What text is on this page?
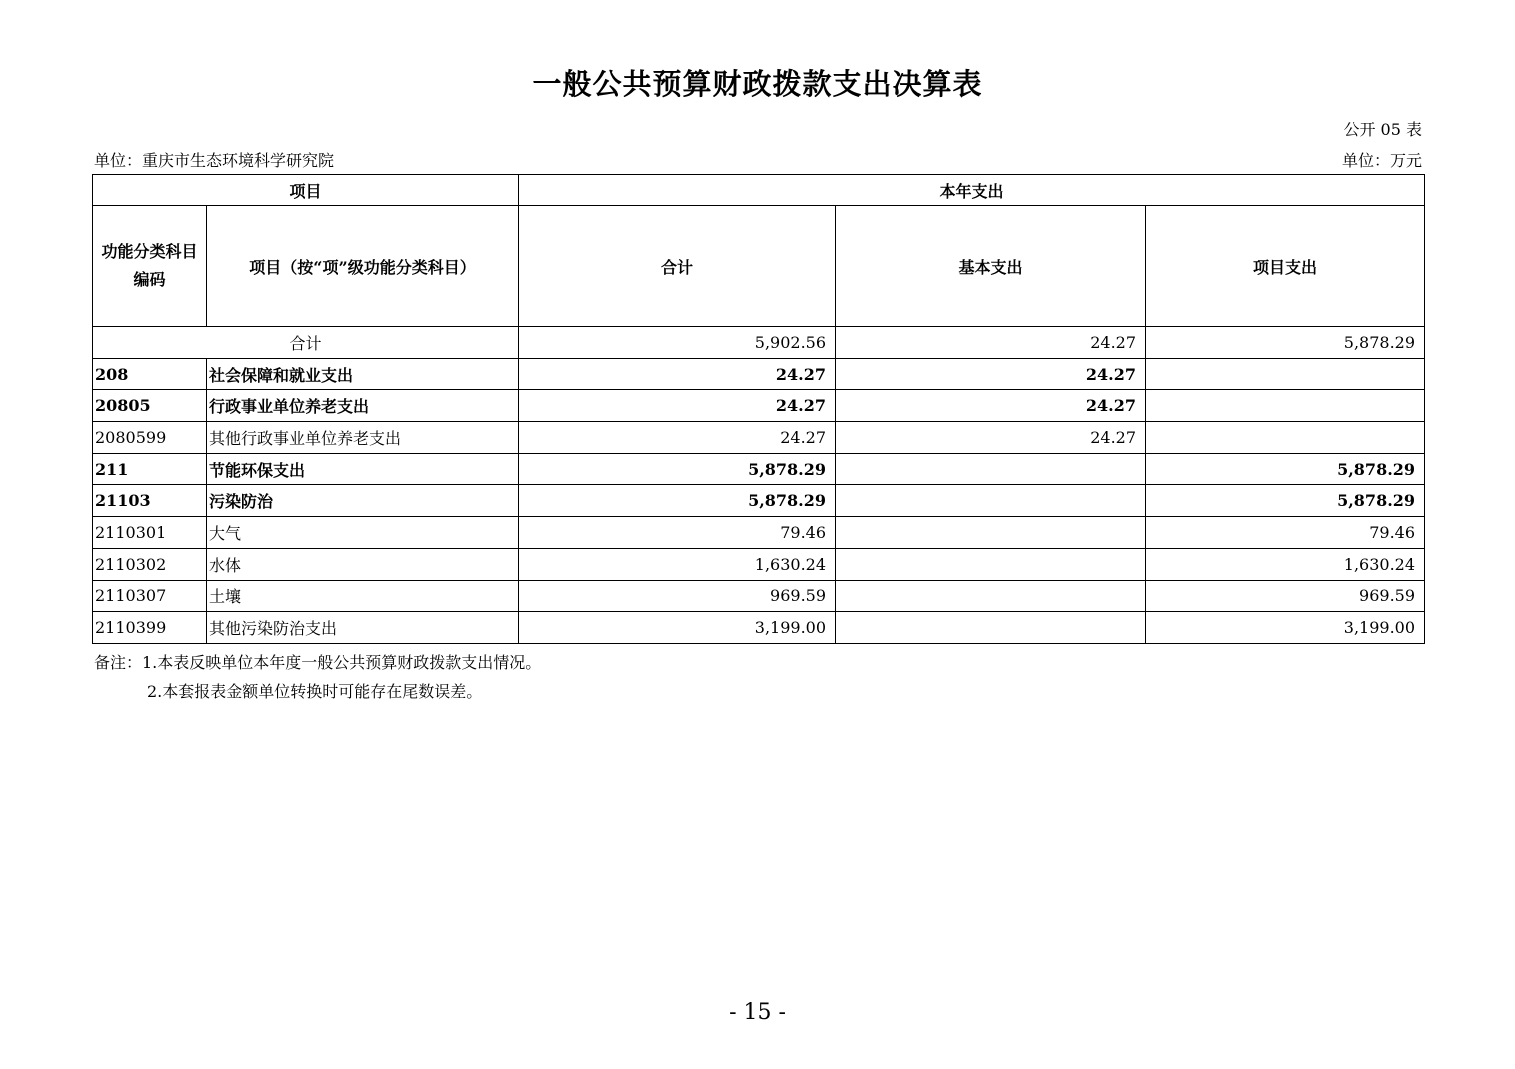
一般公共预算财政拨款支出决算表
公开 05 表
单位：重庆市生态环境科学研究院	单位：万元
项目		本年支出		
功能分类科目编码	项目（按“项”级功能分类科目）	合计	基本支出	项目支出
合计		5,902.56	24.27	5,878.29
208	社会保障和就业支出	24.27	24.27	
20805	行政事业单位养老支出	24.27	24.27	
2080599	其他行政事业单位养老支出	24.27	24.27	
211	节能环保支出	5,878.29		5,878.29
21103	污染防治	5,878.29		5,878.29
2110301	大气	79.46		79.46
2110302	水体	1,630.24		1,630.24
2110307	土壤	969.59		969.59
2110399	其他污染防治支出	3,199.00		3,199.00
备注：1.本表反映单位本年度一般公共预算财政拨款支出情况。
2.本套报表金额单位转换时可能存在尾数误差。
- 15 -
